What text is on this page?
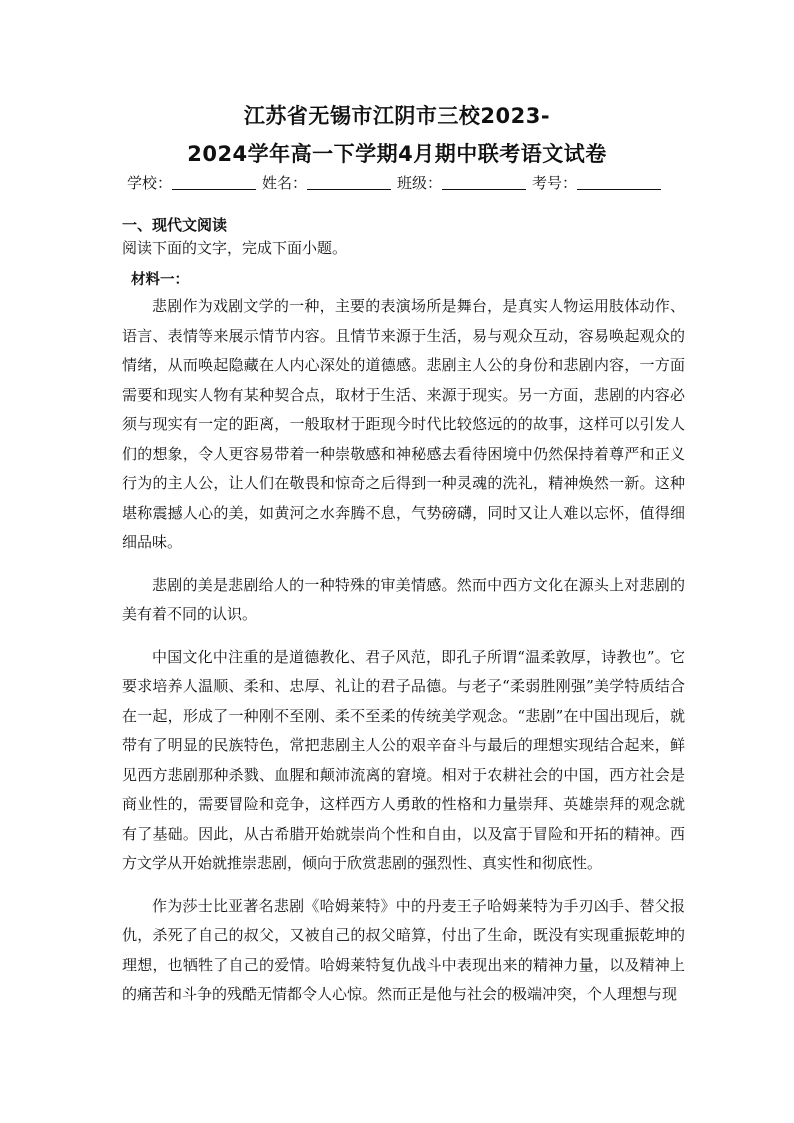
江苏省无锡市江阴市三校2023-
2024学年高一下学期4月期中联考语文试卷
学校：	姓名：	班级：	考号：
一、现代文阅读
阅读下面的文字，完成下面小题。
材料一：

悲剧作为戏剧文学的一种，主要的表演场所是舞台，是真实人物运用肢体动作、语言、表情等来展示情节内容。且情节来源于生活，易与观众互动，容易唤起观众的情绪，从而唤起隐藏在人内心深处的道德感。悲剧主人公的身份和悲剧内容，一方面需要和现实人物有某种契合点，取材于生活、来源于现实。另一方面，悲剧的内容必须与现实有一定的距离，一般取材于距现今时代比较悠远的的故事，这样可以引发人们的想象，令人更容易带着一种崇敬感和神秘感去看待困境中仍然保持着尊严和正义行为的主人公，让人们在敬畏和惊奇之后得到一种灵魂的洗礼，精神焕然一新。这种堪称震撼人心的美，如黄河之水奔腾不息，气势磅礴，同时又让人难以忘怀，值得细细品味。

悲剧的美是悲剧给人的一种特殊的审美情感。然而中西方文化在源头上对悲剧的美有着不同的认识。

中国文化中注重的是道德教化、君子风范，即孔子所谓“温柔敦厚，诗教也”。它要求培养人温顺、柔和、忠厚、礼让的君子品德。与老子“柔弱胜刚强”美学特质结合在一起，形成了一种刚不至刚、柔不至柔的传统美学观念。“悲剧”在中国出现后，就带有了明显的民族特色，常把悲剧主人公的艰辛奋斗与最后的理想实现结合起来，鲜见西方悲剧那种杀戮、血腥和颠沛流离的窘境。相对于农耕社会的中国，西方社会是商业性的，需要冒险和竞争，这样西方人勇敢的性格和力量崇拜、英雄崇拜的观念就有了基础。因此，从古希腊开始就崇尚个性和自由，以及富于冒险和开拓的精神。西方文学从开始就推崇悲剧，倾向于欣赏悲剧的强烈性、真实性和彻底性。

作为莎士比亚著名悲剧《哈姆莱特》中的丹麦王子哈姆莱特为手刃凶手、替父报仇，杀死了自己的叔父，又被自己的叔父暗算，付出了生命，既没有实现重振乾坤的理想，也牺牲了自己的爱情。哈姆莱特复仇战斗中表现出来的精神力量，以及精神上的痛苦和斗争的残酷无情都令人心惊。然而正是他与社会的极端冲突，个人理想与现
